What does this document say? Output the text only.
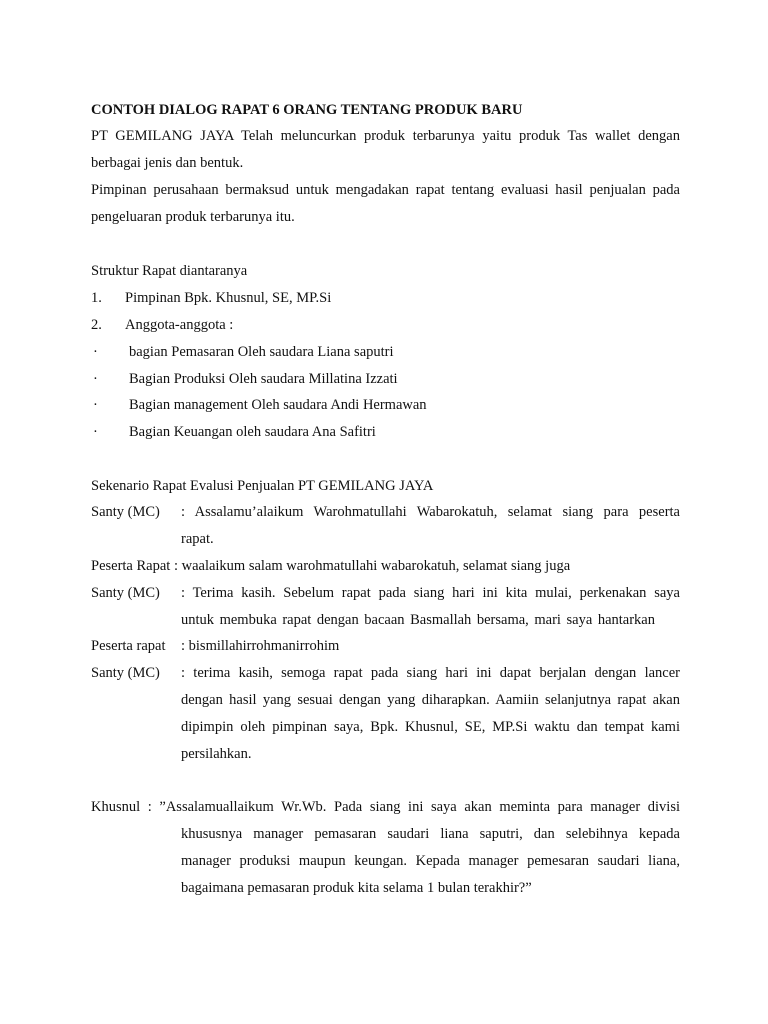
CONTOH DIALOG RAPAT 6 ORANG TENTANG PRODUK BARU
PT GEMILANG JAYA Telah meluncurkan produk terbarunya yaitu produk Tas wallet dengan
berbagai jenis dan bentuk.
Pimpinan perusahaan bermaksud untuk mengadakan rapat tentang evaluasi hasil penjualan pada
pengeluaran produk terbarunya itu.
Struktur Rapat diantaranya
1. Pimpinan Bpk. Khusnul, SE, MP.Si
2. Anggota-anggota :
· bagian Pemasaran Oleh saudara Liana saputri
· Bagian Produksi Oleh saudara Millatina Izzati
· Bagian management Oleh saudara Andi Hermawan
· Bagian Keuangan oleh saudara Ana Safitri
Sekenario Rapat Evalusi Penjualan PT GEMILANG JAYA
Santy (MC) : Assalamu’alaikum Warohmatullahi Wabarokatuh, selamat siang para peserta
rapat.
Peserta Rapat : waalaikum salam warohmatullahi wabarokatuh, selamat siang juga
Santy (MC) : Terima kasih. Sebelum rapat pada siang hari ini kita mulai, perkenakan saya
untuk membuka rapat dengan bacaan Basmallah bersama, mari saya hantarkan
Peserta rapat : bismillahirrohmanirrohim
Santy (MC) : terima kasih, semoga rapat pada siang hari ini dapat berjalan dengan lancer
dengan hasil yang sesuai dengan yang diharapkan. Aamiin selanjutnya rapat akan
dipimpin oleh pimpinan saya, Bpk. Khusnul, SE, MP.Si waktu dan tempat kami
persilahkan.
Khusnul : ”Assalamuallaikum Wr.Wb. Pada siang ini saya akan meminta para manager divisi
khususnya manager pemasaran saudari liana saputri, dan selebihnya kepada
manager produksi maupun keungan. Kepada manager pemesaran saudari liana,
bagaimana pemasaran produk kita selama 1 bulan terakhir?”
